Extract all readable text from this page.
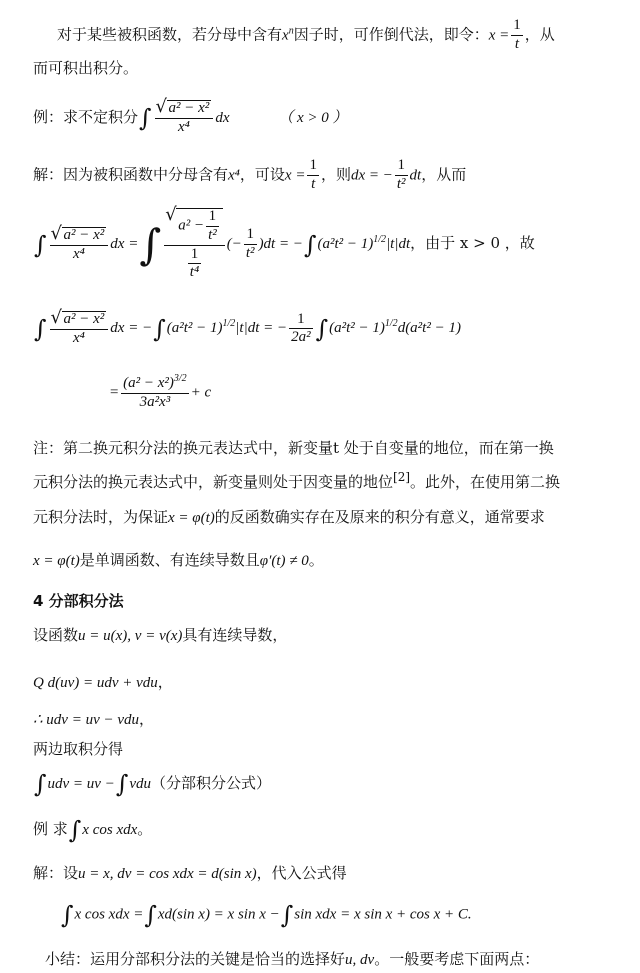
对于某些被积函数，若分母中含有$x^n$因子时，可作倒代法，即令：$x = \frac{1}{t}$ ，从
而可积出积分。
例：求不定积分∫ √ $\frac{\text{a² − x²}}{\text{x⁴}}$ dx	（ x > 0 ）
解：因为被积函数中分母含有x⁴，可设$x = \frac{1}{t}$ ，则dx = − $\frac{1}{\text{t²}}$ dt，从而
∫ √ $\frac{\text{a² − x²}}{\text{x⁴}}$ dx =∫ √ $\frac{a^2 - \frac{1}{\text{t²}}}{\frac{1}{\text{t⁴}}}$ (− $\frac{1}{\text{t²}} )dt = -\int(a^2t^2 - 1)^{1/2}|t|dt$，由于 x > 0 ，故
∫ √ $\frac{\text{a² − x²}}{\text{x⁴}}$ dx = $-\int(a^2t^2 - 1)^{1/2}|t|dt$ = − $\frac{1}{\text{2a²}} \int(a^2t^2 - 1)^{1/2}d(a^2t^2 - 1)$
= $\frac{(a^2 - x^2)^{3/2}}{\text{3a²x³}} + c$
注：第二换元积分法的换元表达式中，新变量t 处于自变量的地位，而在第一换
元积分法的换元表达式中，新变量则处于因变量的地位[2]。此外，在使用第二换
元积分法时，为保证x = φ(t)的反函数确实存在及原来的积分有意义，通常要求
x = φ(t)是单调函数、有连续导数且φ′(t) ≠ 0。
4 分部积分法
设函数u = u(x), v = v(x)具有连续导数，
Q d(uv) = udv + vdu，
∴ udv = uv − vdu，
两边取积分得
∫udv = uv −∫vdu（分部积分公式）
例 求∫x cos xdx。
解：设u = x, dv = cos xdx = d(sin x)，代入公式得
∫x cos xdx =∫xd(sin x) = x sin x −∫sin xdx = x sin x + cos x + C.
小结：运用分部积分法的关键是恰当的选择好u, dv。一般要考虑下面两点：
